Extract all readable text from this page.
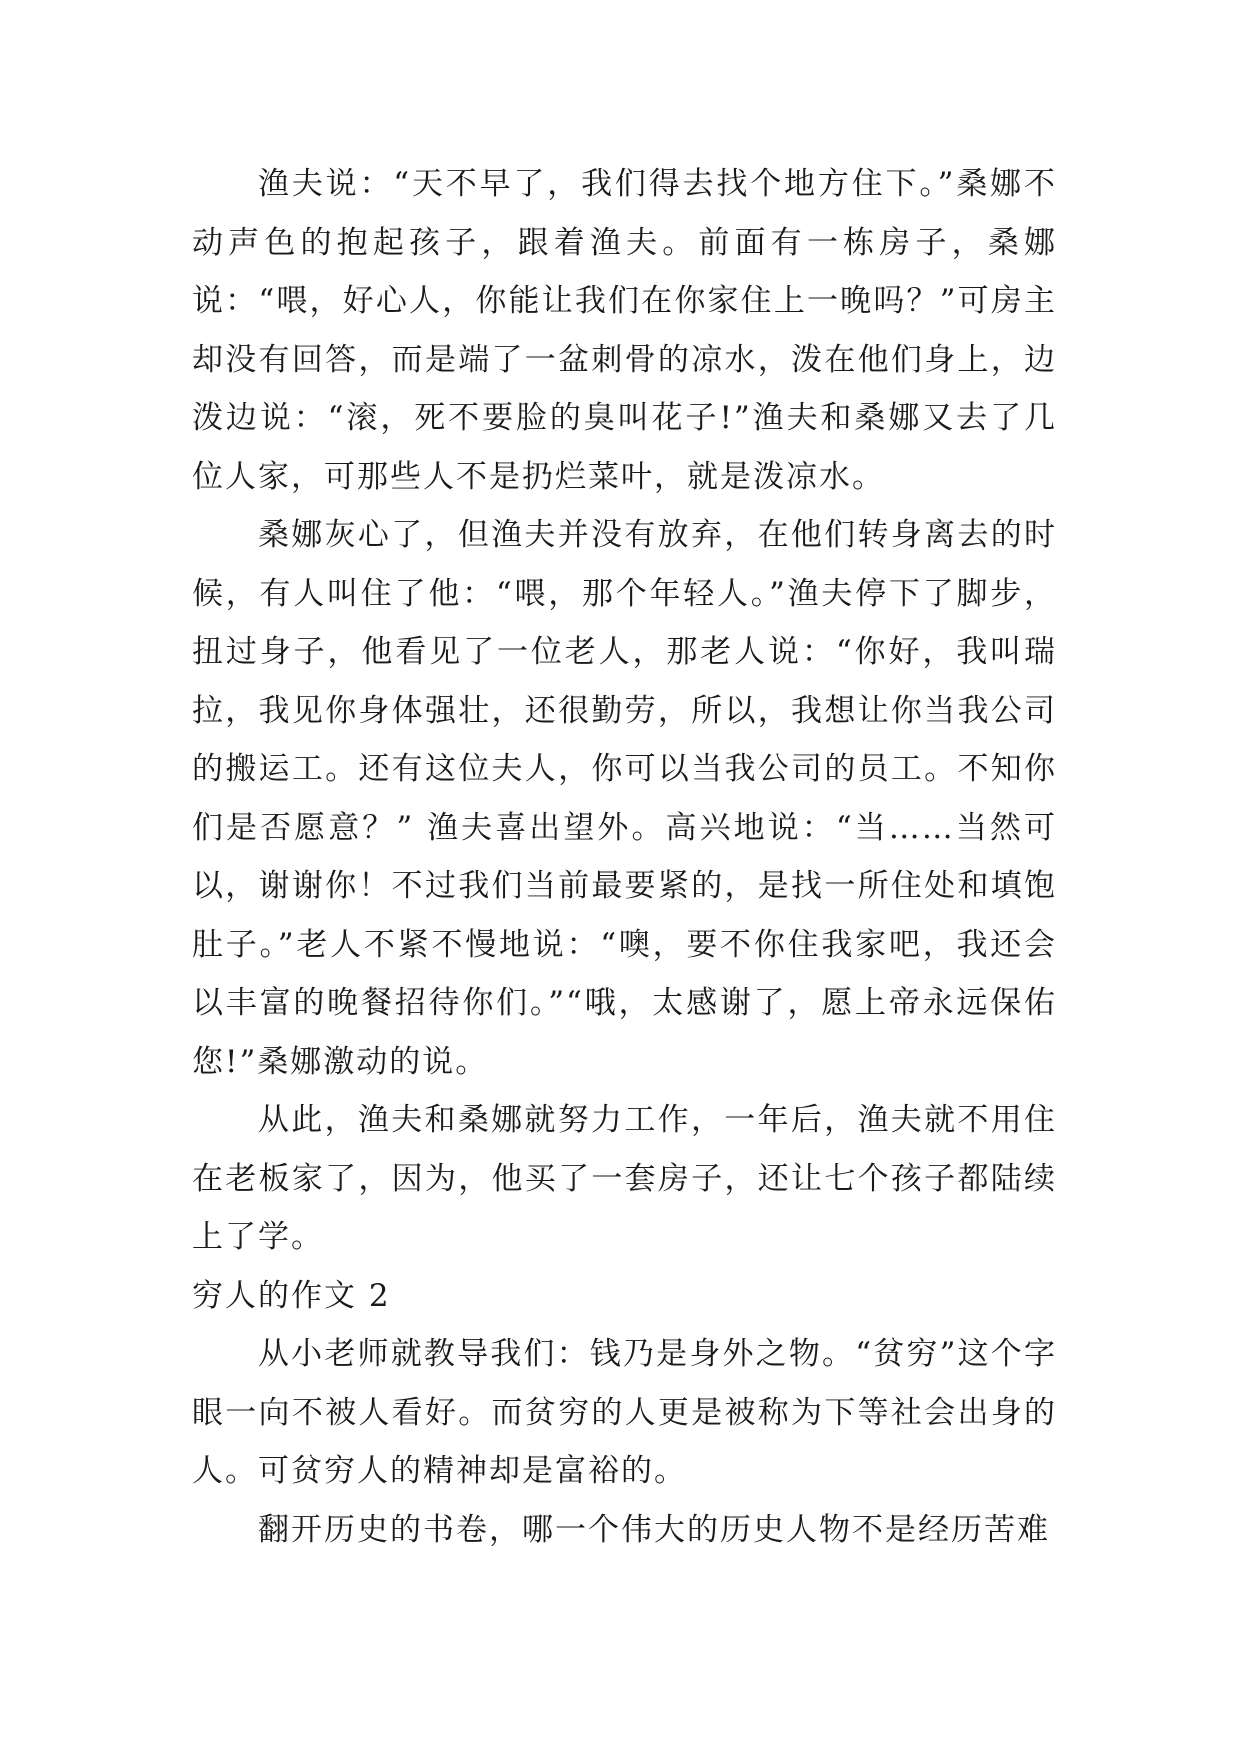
渔夫说：“天不早了，我们得去找个地方住下。”桑娜不动声色的抱起孩子，跟着渔夫。前面有一栋房子，桑娜说：“喂，好心人，你能让我们在你家住上一晚吗？”可房主却没有回答，而是端了一盆刺骨的凉水，泼在他们身上，边泼边说：“滚，死不要脸的臭叫花子!”渔夫和桑娜又去了几位人家，可那些人不是扔烂菜叶，就是泼凉水。

桑娜灰心了，但渔夫并没有放弃，在他们转身离去的时候，有人叫住了他：“喂，那个年轻人。”渔夫停下了脚步，扭过身子，他看见了一位老人，那老人说：“你好，我叫瑞拉，我见你身体强壮，还很勤劳，所以，我想让你当我公司的搬运工。还有这位夫人，你可以当我公司的员工。不知你们是否愿意？” 渔夫喜出望外。高兴地说：“当……当然可以，谢谢你！不过我们当前最要紧的，是找一所住处和填饱肚子。”老人不紧不慢地说：“噢，要不你住我家吧，我还会以丰富的晚餐招待你们。”“哦，太感谢了，愿上帝永远保佑您!”桑娜激动的说。

从此，渔夫和桑娜就努力工作，一年后，渔夫就不用住在老板家了，因为，他买了一套房子，还让七个孩子都陆续上了学。

穷人的作文 2

从小老师就教导我们：钱乃是身外之物。“贫穷”这个字眼一向不被人看好。而贫穷的人更是被称为下等社会出身的人。可贫穷人的精神却是富裕的。

翻开历史的书卷，哪一个伟大的历史人物不是经历苦难
